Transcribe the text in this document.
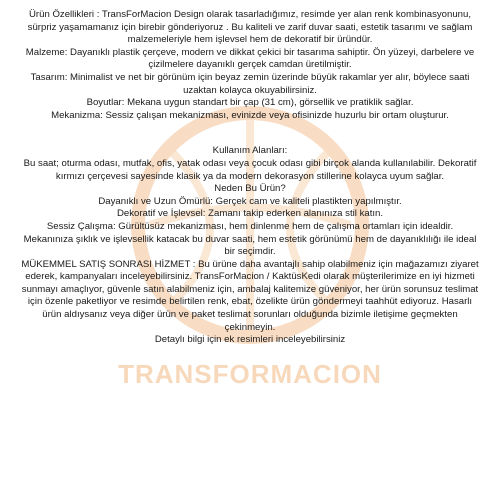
TRANSFORMACION

Ürün Özellikleri : TransForMacion Design olarak tasarladığımız, resimde yer alan renk kombinasyonunu, sürpriz yaşamamanız için birebir gönderiyoruz . Bu kaliteli ve zarif duvar saati, estetik tasarımı ve sağlam malzemeleriyle hem işlevsel hem de dekoratif bir üründür.

Malzeme: Dayanıklı plastik çerçeve, modern ve dikkat çekici bir tasarıma sahiptir. Ön yüzeyi, darbelere ve çizilmelere dayanıklı gerçek camdan üretilmiştir.

Tasarım: Minimalist ve net bir görünüm için beyaz zemin üzerinde büyük rakamlar yer alır, böylece saati uzaktan kolayca okuyabilirsiniz.

Boyutlar: Mekana uygun standart bir çap (31 cm), görsellik ve pratiklik sağlar.

Mekanizma: Sessiz çalışan mekanizması, evinizde veya ofisinizde huzurlu bir ortam oluşturur.

Kullanım Alanları:

Bu saat; oturma odası, mutfak, ofis, yatak odası veya çocuk odası gibi birçok alanda kullanılabilir. Dekoratif kırmızı çerçevesi sayesinde klasik ya da modern dekorasyon stillerine kolayca uyum sağlar.

Neden Bu Ürün?

Dayanıklı ve Uzun Ömürlü: Gerçek cam ve kaliteli plastikten yapılmıştır.

Dekoratif ve İşlevsel: Zamanı takip ederken alanınıza stil katın.

Sessiz Çalışma: Gürültüsüz mekanizması, hem dinlenme hem de çalışma ortamları için idealdir.

Mekanınıza şıklık ve işlevsellik katacak bu duvar saati, hem estetik görünümü hem de dayanıklılığı ile ideal bir seçimdir.

MÜKEMMEL SATIŞ SONRASI HİZMET : Bu ürüne daha avantajlı sahip olabilmeniz için mağazamızı ziyaret ederek, kampanyaları inceleyebilirsiniz. TransForMacion / KaktüsKedi olarak müşterilerimize en iyi hizmeti sunmayı amaçlıyor, güvenle satın alabilmeniz için, ambalaj kalitemize güveniyor, her ürün sorunsuz teslimat için özenle paketliyor ve resimde belirtilen renk, ebat, özelikte ürün göndermeyi taahhüt ediyoruz. Hasarlı ürün aldıysanız veya diğer ürün ve paket teslimat sorunları olduğunda bizimle iletişime geçmekten çekinmeyin.

Detaylı bilgi için ek resimleri inceleyebilirsiniz
